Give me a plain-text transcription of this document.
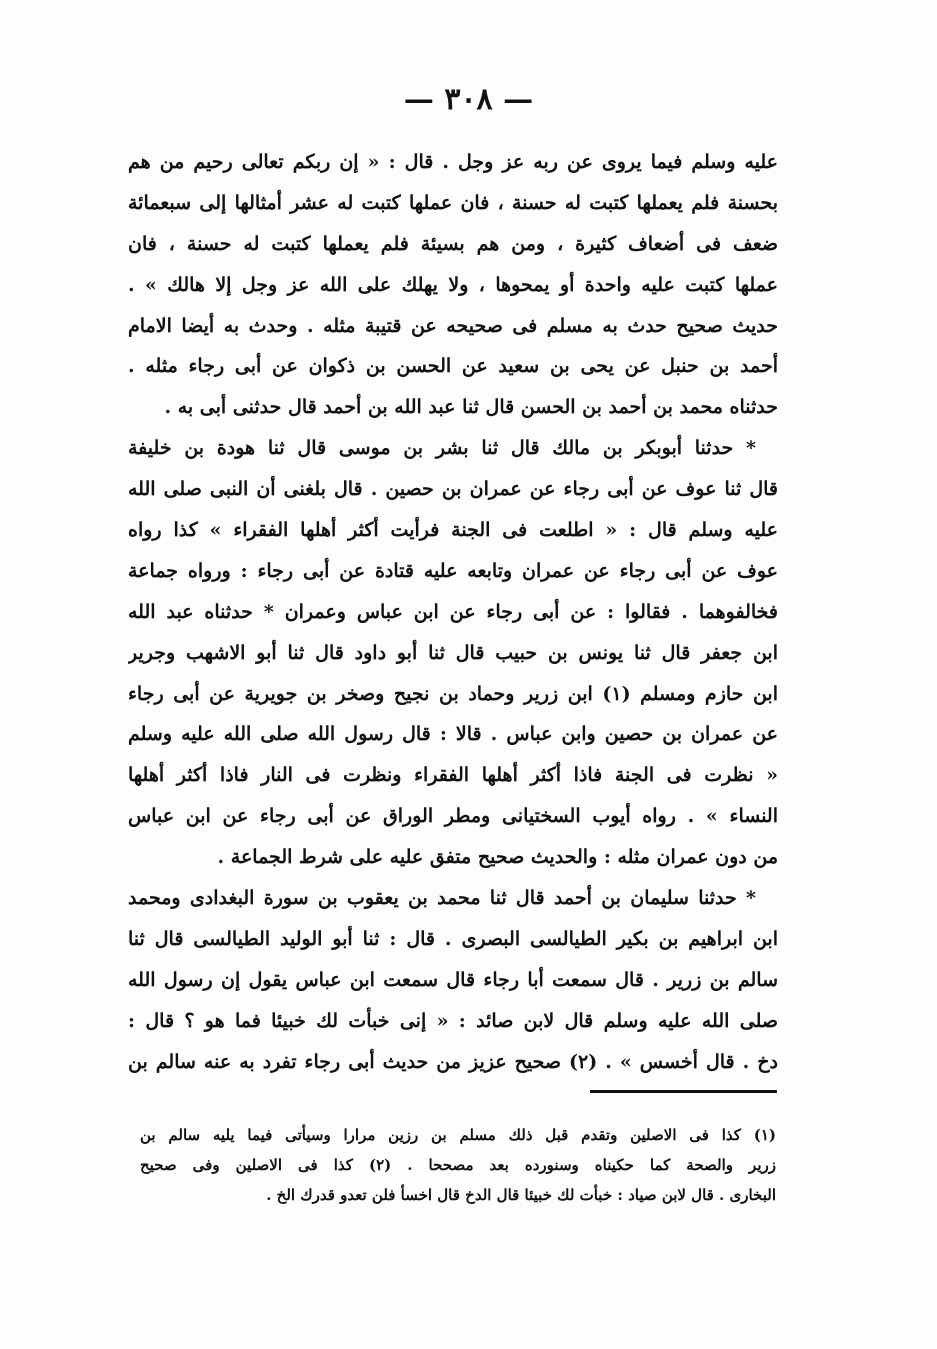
— ٣٠٨ —
عليه وسلم فيما يروى عن ربه عز وجل . قال : « إن ربكم تعالى رحيم من هم
بحسنة فلم يعملها كتبت له حسنة ، فان عملها كتبت له عشر أمثالها إلى سبعمائة
ضعف فى أضعاف كثيرة ، ومن هم بسيئة فلم يعملها كتبت له حسنة ، فان
عملها كتبت عليه واحدة أو يمحوها ، ولا يهلك على الله عز وجل إلا هالك » .
حديث صحيح حدث به مسلم فى صحيحه عن قتيبة مثله . وحدث به أيضا الامام
أحمد بن حنبل عن يحى بن سعيد عن الحسن بن ذكوان عن أبى رجاء مثله .
حدثناه محمد بن أحمد بن الحسن قال ثنا عبد الله بن أحمد قال حدثنى أبى به .
* حدثنا أبوبكر بن مالك قال ثنا بشر بن موسى قال ثنا هودة بن خليفة
قال ثنا عوف عن أبى رجاء عن عمران بن حصين . قال بلغنى أن النبى صلى الله
عليه وسلم قال : « اطلعت فى الجنة فرأيت أكثر أهلها الفقراء » كذا رواه
عوف عن أبى رجاء عن عمران وتابعه عليه قتادة عن أبى رجاء : ورواه جماعة
فخالفوهما . فقالوا : عن أبى رجاء عن ابن عباس وعمران * حدثناه عبد الله
ابن جعفر قال ثنا يونس بن حبيب قال ثنا أبو داود قال ثنا أبو الاشهب وجرير
ابن حازم ومسلم (١) ابن زرير وحماد بن نجيح وصخر بن جويرية عن أبى رجاء
عن عمران بن حصين وابن عباس . قالا : قال رسول الله صلى الله عليه وسلم
« نظرت فى الجنة فاذا أكثر أهلها الفقراء ونظرت فى النار فاذا أكثر أهلها
النساء » . رواه أيوب السختيانى ومطر الوراق عن أبى رجاء عن ابن عباس
من دون عمران مثله : والحديث صحيح متفق عليه على شرط الجماعة .
* حدثنا سليمان بن أحمد قال ثنا محمد بن يعقوب بن سورة البغدادى ومحمد
ابن ابراهيم بن بكير الطيالسى البصرى . قال : ثنا أبو الوليد الطيالسى قال ثنا
سالم بن زرير . قال سمعت أبا رجاء قال سمعت ابن عباس يقول إن رسول الله
صلى الله عليه وسلم قال لابن صائد : « إنى خبأت لك خبيئا فما هو ؟ قال :
دخ . قال أخسس » . (٢) صحيح عزيز من حديث أبى رجاء تفرد به عنه سالم بن
(١) كذا فى الاصلين وتقدم قبل ذلك مسلم بن رزين مرارا وسيأتى فيما يليه سالم بن
زرير والصحة كما حكيناه وسنورده بعد مصححا . (٢) كذا فى الاصلين وفى صحيح
البخارى . قال لابن صياد : خبأت لك خبيئا قال الدخ قال اخسأ فلن تعدو قدرك الخ .
